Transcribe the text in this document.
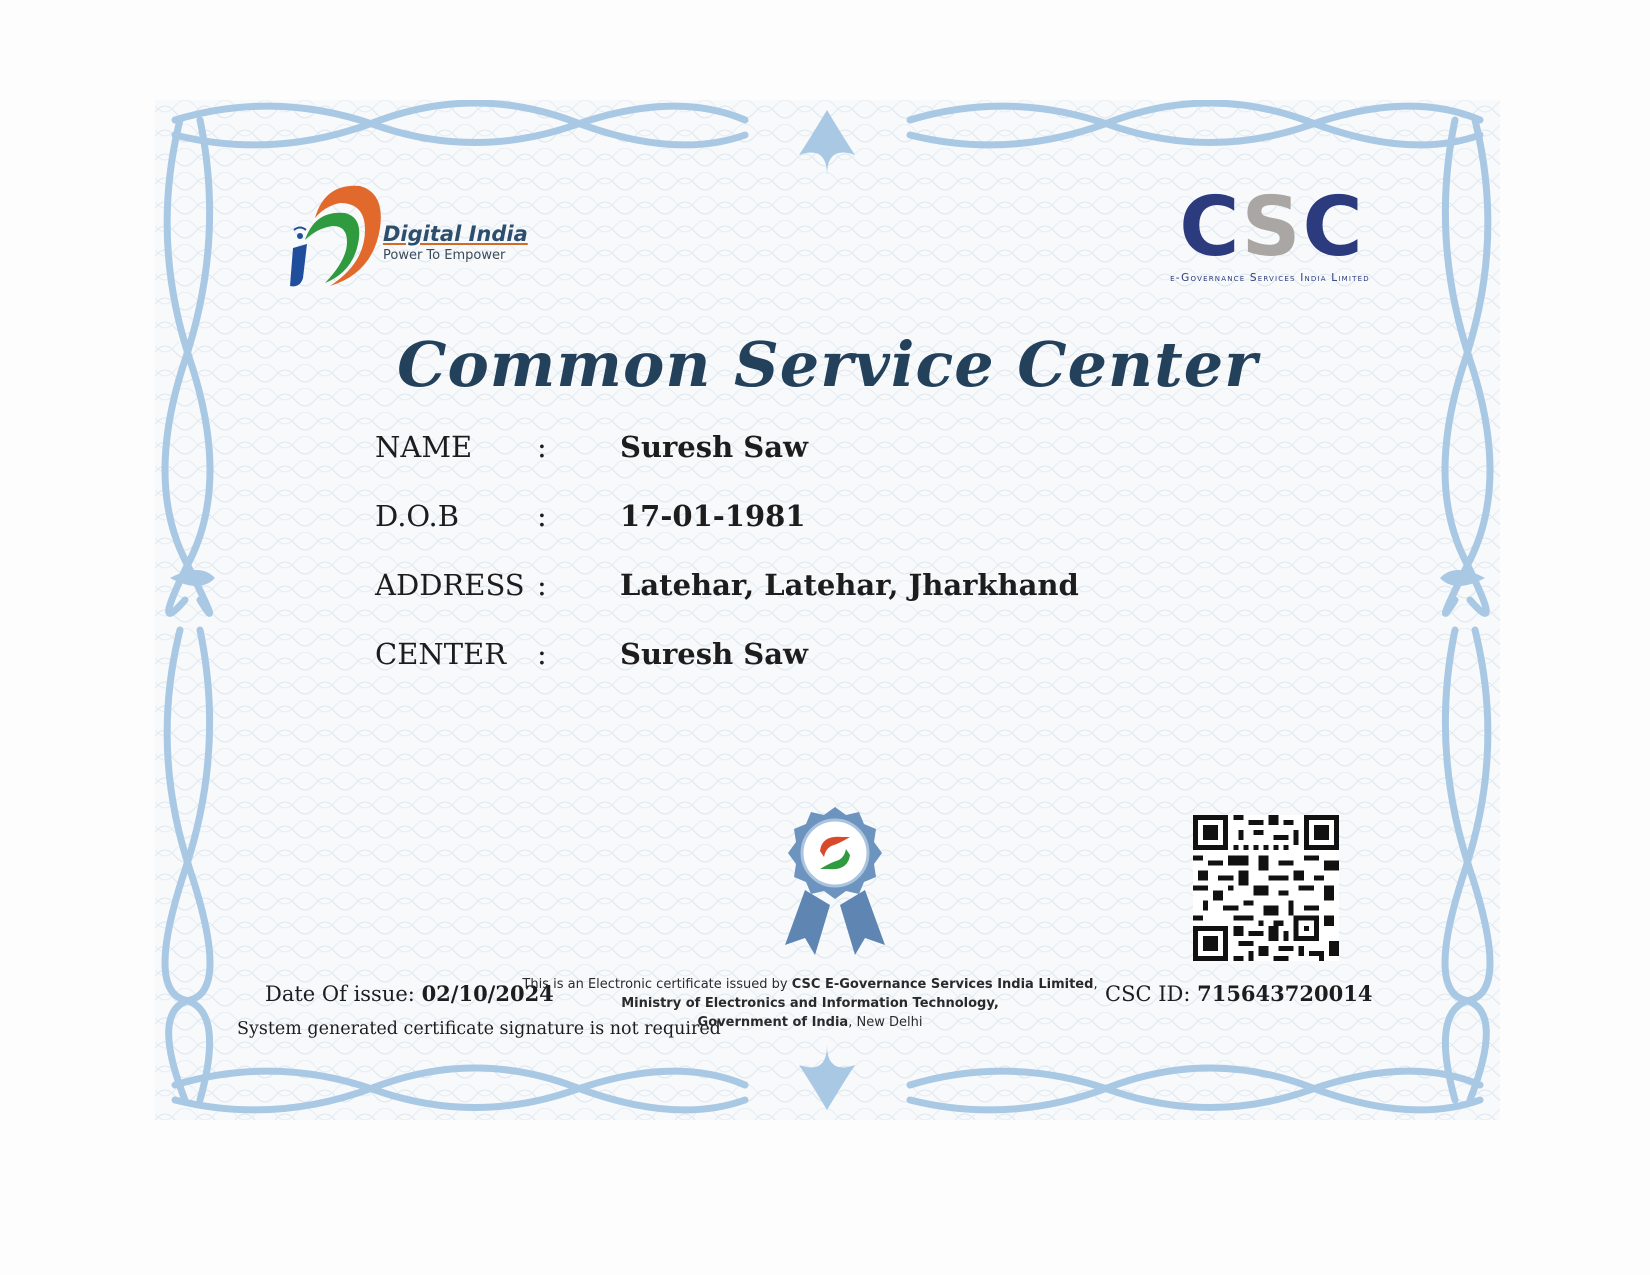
Digital India
Power To Empower	C S C
e-Governance Services India Limited
Common Service Center
NAME :	Suresh Saw
D.O.B	:	17-01-1981
ADDRESS :	Latehar, Latehar, Jharkhand
CENTER :	Suresh Saw
Date Of issue: 02/10/2024
System generated certificate signature is not required
This is an Electronic certificate issued by CSC E-Governance Services India Limited,
Ministry of Electronics and Information Technology,
Government of India, New Delhi
CSC ID: 715643720014
